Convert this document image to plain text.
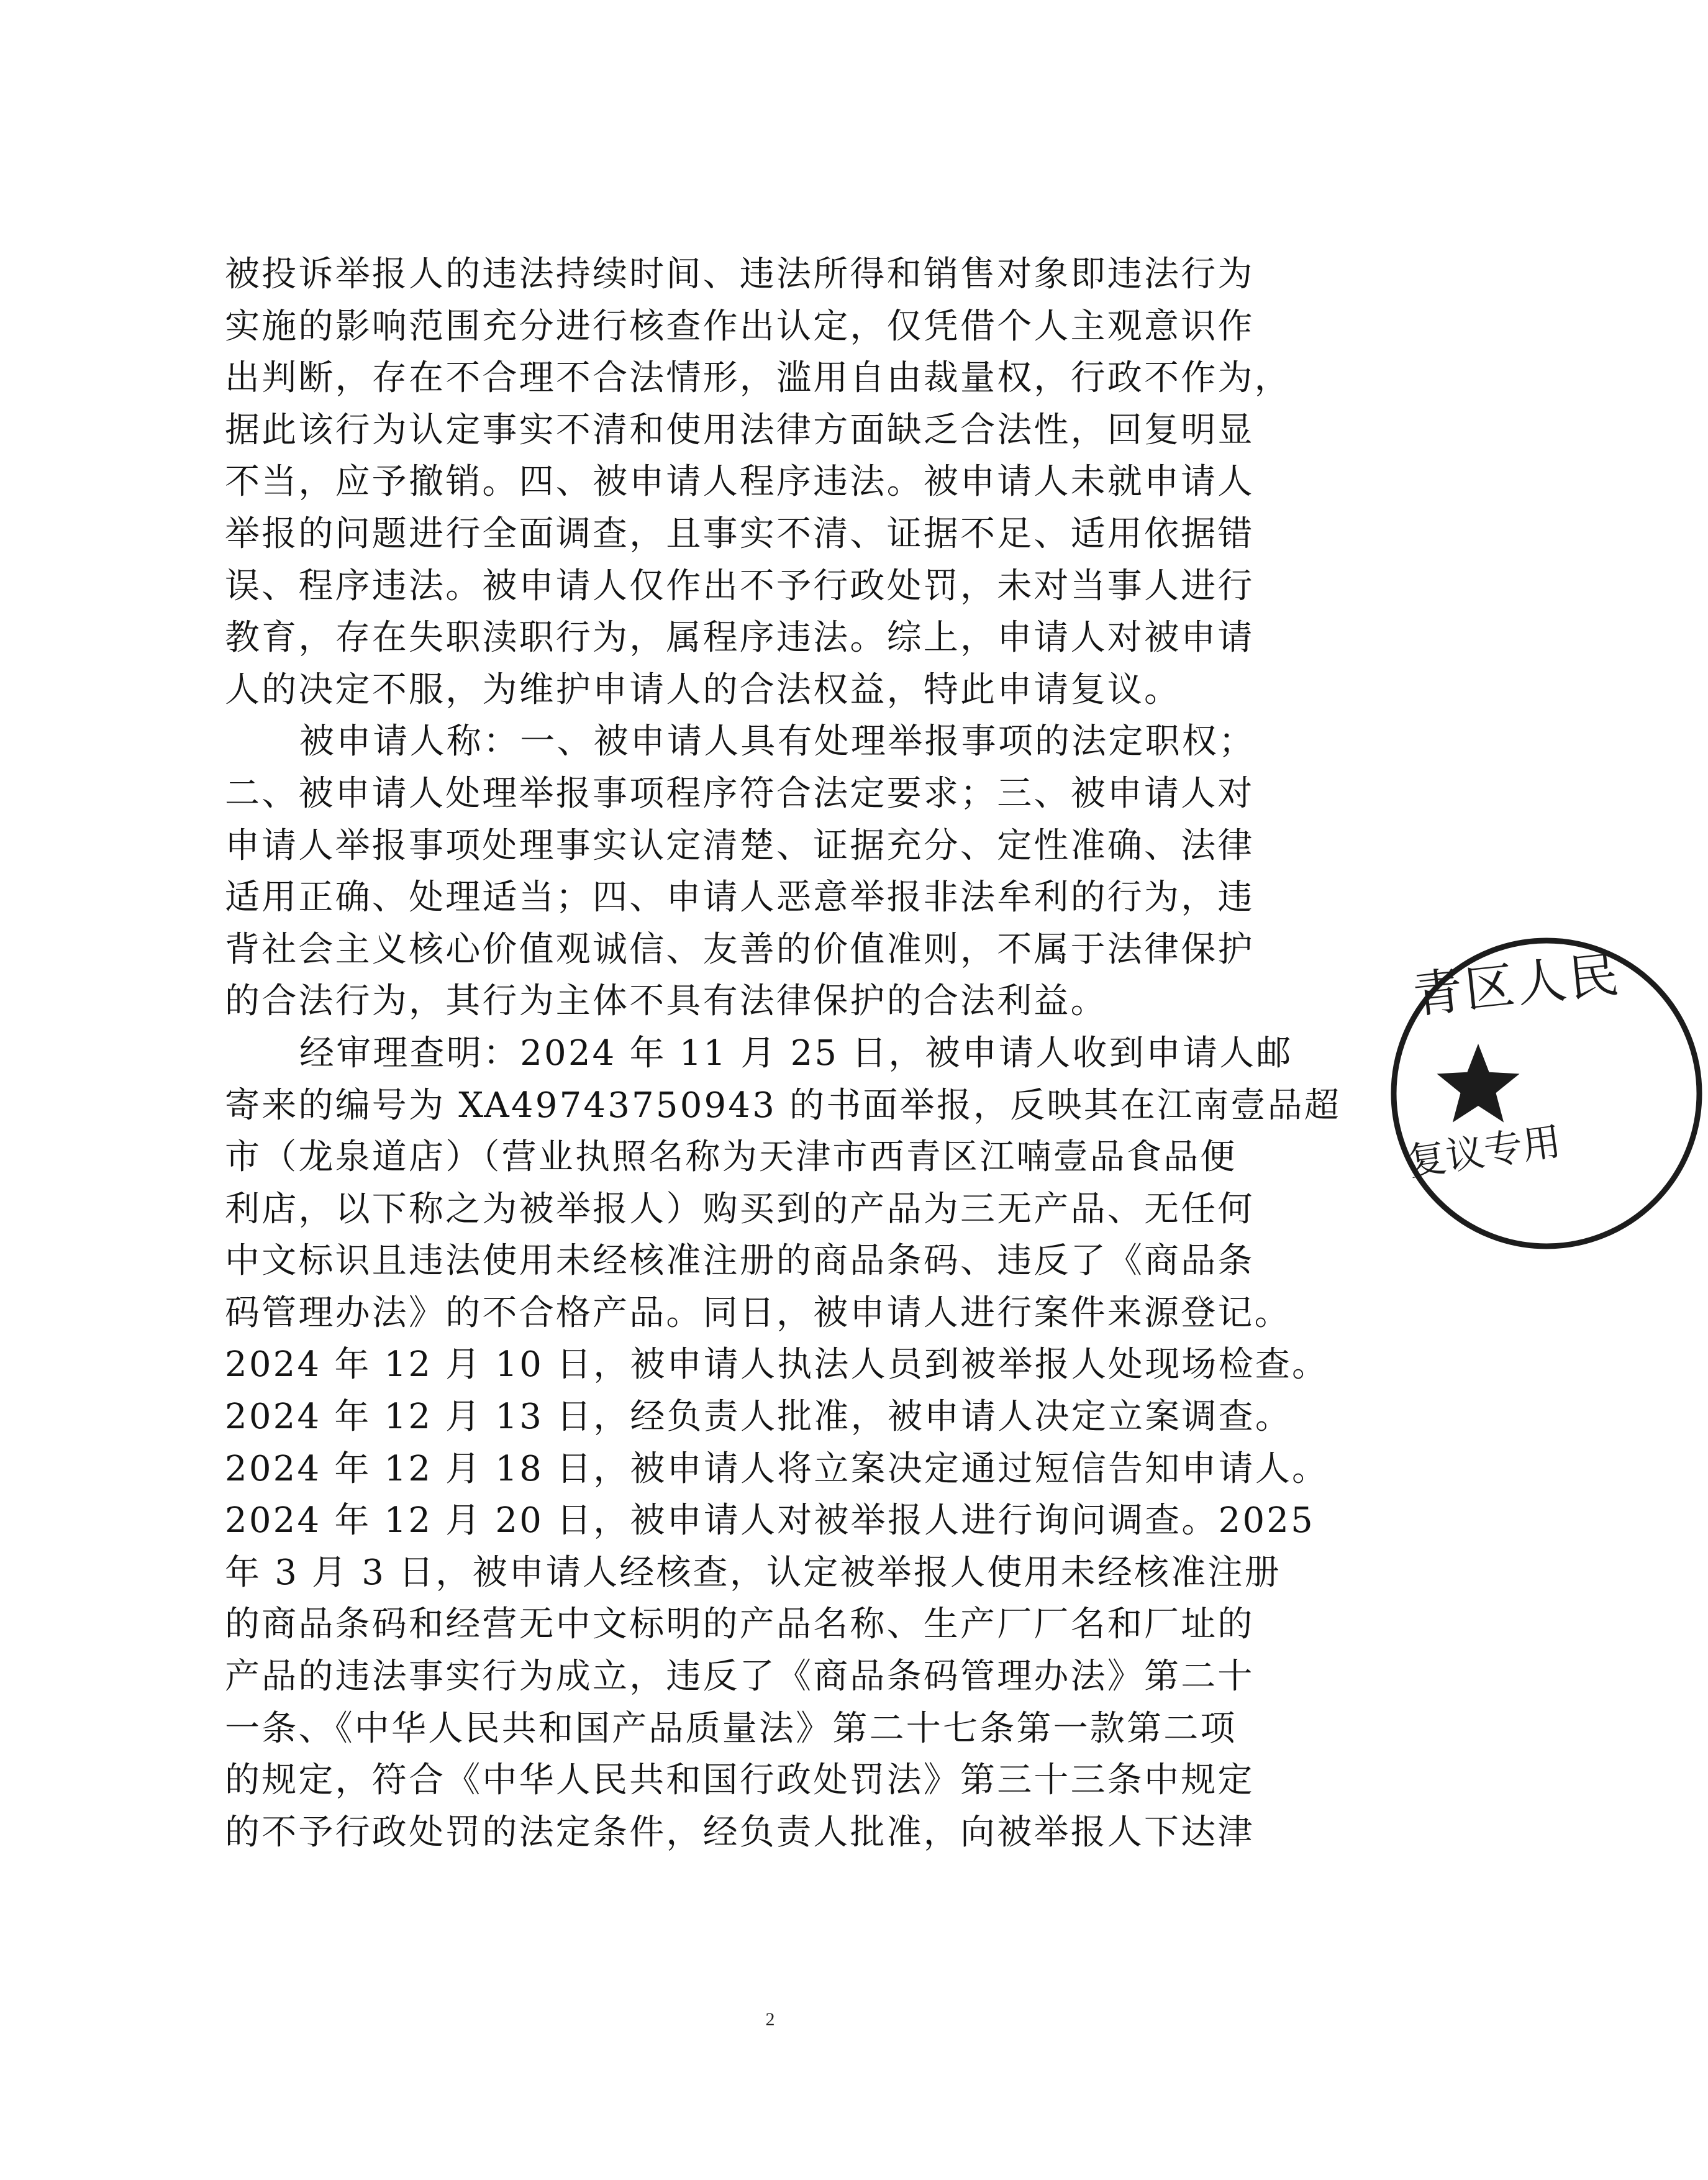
被投诉举报人的违法持续时间、违法所得和销售对象即违法行为
实施的影响范围充分进行核查作出认定，仅凭借个人主观意识作
出判断，存在不合理不合法情形，滥用自由裁量权，行政不作为，
据此该行为认定事实不清和使用法律方面缺乏合法性，回复明显
不当，应予撤销。四、被申请人程序违法。被申请人未就申请人
举报的问题进行全面调查，且事实不清、证据不足、适用依据错
误、程序违法。被申请人仅作出不予行政处罚，未对当事人进行
教育，存在失职渎职行为，属程序违法。综上，申请人对被申请
人的决定不服，为维护申请人的合法权益，特此申请复议。
被申请人称：一、被申请人具有处理举报事项的法定职权；
二、被申请人处理举报事项程序符合法定要求；三、被申请人对
申请人举报事项处理事实认定清楚、证据充分、定性准确、法律
适用正确、处理适当；四、申请人恶意举报非法牟利的行为，违
背社会主义核心价值观诚信、友善的价值准则，不属于法律保护
的合法行为，其行为主体不具有法律保护的合法利益。
经审理查明：2024 年 11 月 25 日，被申请人收到申请人邮
寄来的编号为 XA49743750943 的书面举报，反映其在江南壹品超
市（龙泉道店）（营业执照名称为天津市西青区江喃壹品食品便
利店，以下称之为被举报人）购买到的产品为三无产品、无任何
中文标识且违法使用未经核准注册的商品条码、违反了《商品条
码管理办法》的不合格产品。同日，被申请人进行案件来源登记。
2024 年 12 月 10 日，被申请人执法人员到被举报人处现场检查。
2024 年 12 月 13 日，经负责人批准，被申请人决定立案调查。
2024 年 12 月 18 日，被申请人将立案决定通过短信告知申请人。
2024 年 12 月 20 日，被申请人对被举报人进行询问调查。2025
年 3 月 3 日，被申请人经核查，认定被举报人使用未经核准注册
的商品条码和经营无中文标明的产品名称、生产厂厂名和厂址的
产品的违法事实行为成立，违反了《商品条码管理办法》第二十
一条、《中华人民共和国产品质量法》第二十七条第一款第二项
的规定，符合《中华人民共和国行政处罚法》第三十三条中规定
的不予行政处罚的法定条件，经负责人批准，向被举报人下达津
2
青区人民
复议专用
